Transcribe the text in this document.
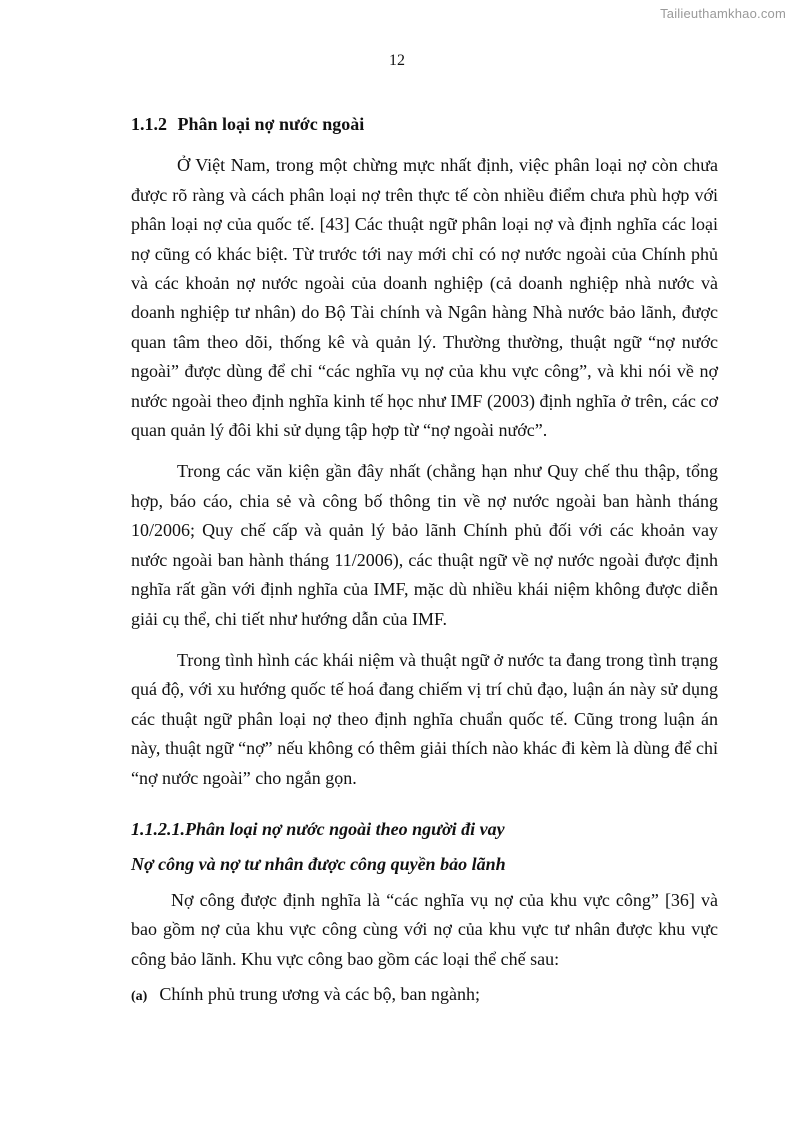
Tailieuthamkhao.com
12
1.1.2 Phân loại nợ nước ngoài

Ở Việt Nam, trong một chừng mực nhất định, việc phân loại nợ còn chưa được rõ ràng và cách phân loại nợ trên thực tế còn nhiều điểm chưa phù hợp với phân loại nợ của quốc tế. [43] Các thuật ngữ phân loại nợ và định nghĩa các loại nợ cũng có khác biệt. Từ trước tới nay mới chỉ có nợ nước ngoài của Chính phủ và các khoản nợ nước ngoài của doanh nghiệp (cả doanh nghiệp nhà nước và doanh nghiệp tư nhân) do Bộ Tài chính và Ngân hàng Nhà nước bảo lãnh, được quan tâm theo dõi, thống kê và quản lý. Thường thường, thuật ngữ “nợ nước ngoài” được dùng để chỉ “các nghĩa vụ nợ của khu vực công”, và khi nói về nợ nước ngoài theo định nghĩa kinh tế học như IMF (2003) định nghĩa ở trên, các cơ quan quản lý đôi khi sử dụng tập hợp từ “nợ ngoài nước”.

Trong các văn kiện gần đây nhất (chẳng hạn như Quy chế thu thập, tổng hợp, báo cáo, chia sẻ và công bố thông tin về nợ nước ngoài ban hành tháng 10/2006; Quy chế cấp và quản lý bảo lãnh Chính phủ đối với các khoản vay nước ngoài ban hành tháng 11/2006), các thuật ngữ về nợ nước ngoài được định nghĩa rất gần với định nghĩa của IMF, mặc dù nhiều khái niệm không được diễn giải cụ thể, chi tiết như hướng dẫn của IMF.

Trong tình hình các khái niệm và thuật ngữ ở nước ta đang trong tình trạng quá độ, với xu hướng quốc tế hoá đang chiếm vị trí chủ đạo, luận án này sử dụng các thuật ngữ phân loại nợ theo định nghĩa chuẩn quốc tế. Cũng trong luận án này, thuật ngữ “nợ” nếu không có thêm giải thích nào khác đi kèm là dùng để chỉ “nợ nước ngoài” cho ngắn gọn.

1.1.2.1.Phân loại nợ nước ngoài theo người đi vay
Nợ công và nợ tư nhân được công quyền bảo lãnh

Nợ công được định nghĩa là “các nghĩa vụ nợ của khu vực công” [36] và bao gồm nợ của khu vực công cùng với nợ của khu vực tư nhân được khu vực công bảo lãnh. Khu vực công bao gồm các loại thể chế sau:

(a) Chính phủ trung ương và các bộ, ban ngành;
